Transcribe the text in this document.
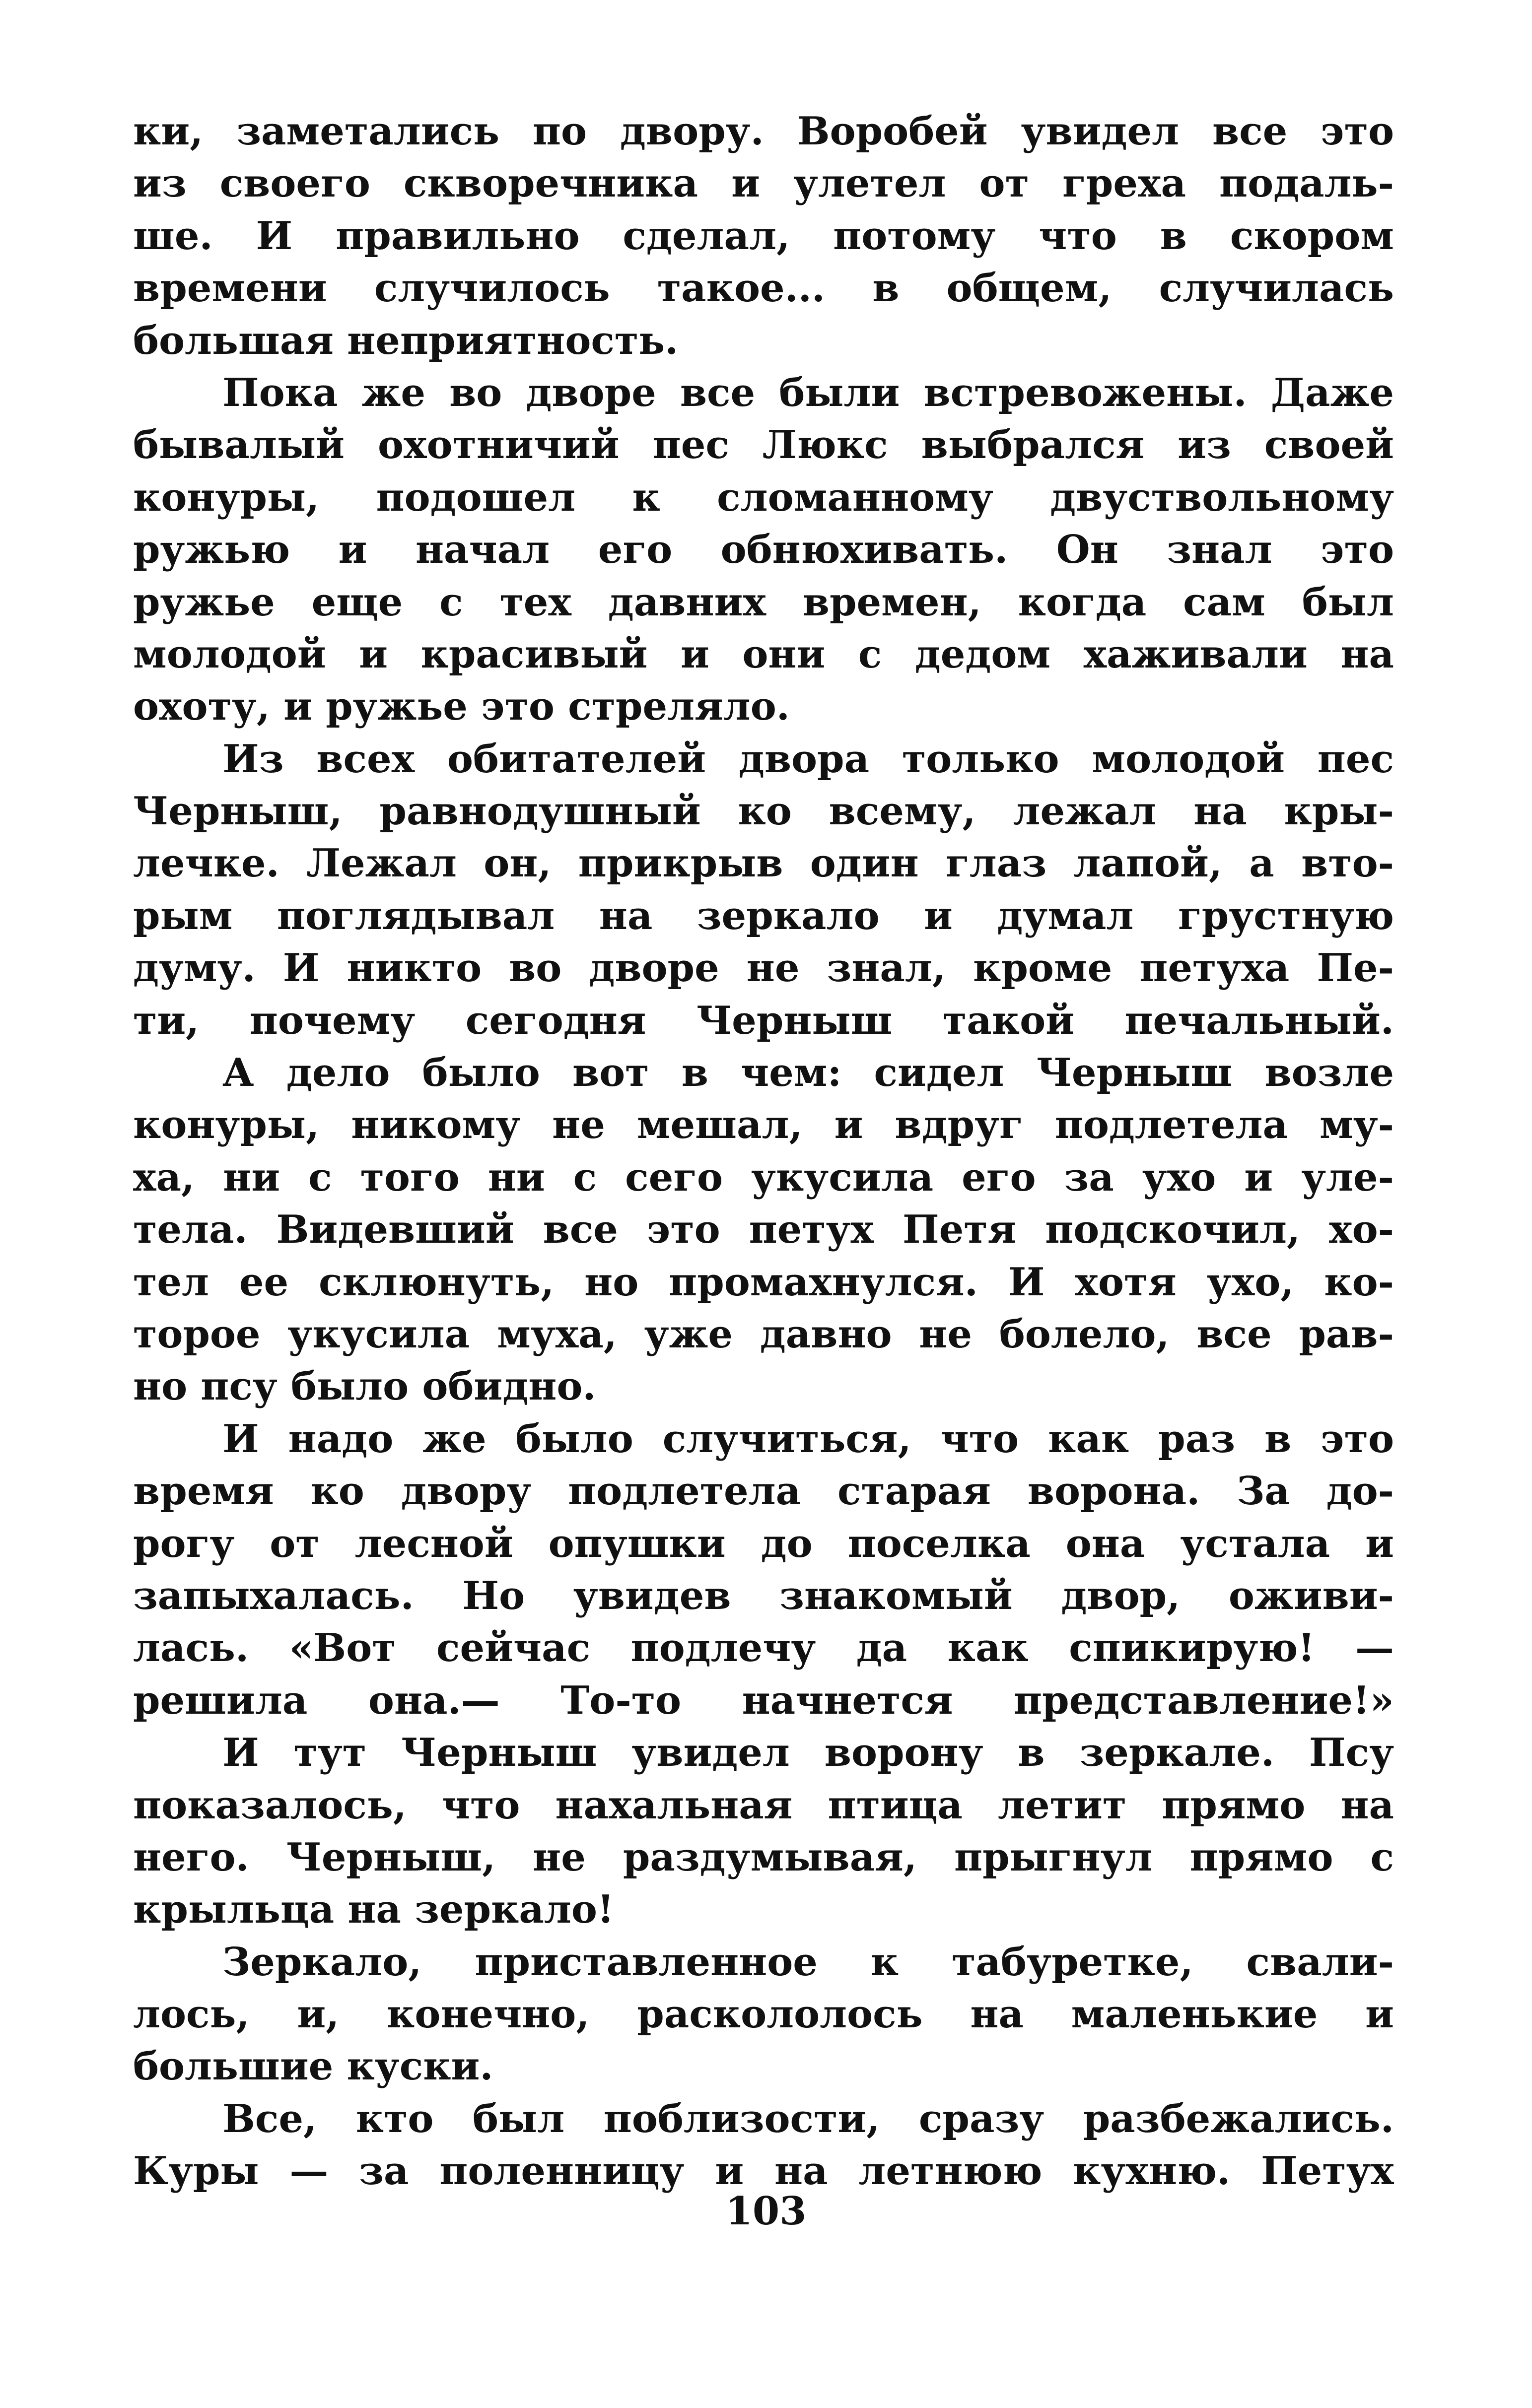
ки, заметались по двору. Воробей увидел все это
из своего скворечника и улетел от греха подаль-
ше. И правильно сделал, потому что в скором
времени случилось такое... в общем, случилась
большая неприятность.
Пока же во дворе все были встревожены. Даже
бывалый охотничий пес Люкс выбрался из своей
конуры, подошел к сломанному двуствольному
ружью и начал его обнюхивать. Он знал это
ружье еще с тех давних времен, когда сам был
молодой и красивый и они с дедом хаживали на
охоту, и ружье это стреляло.
Из всех обитателей двора только молодой пес
Черныш, равнодушный ко всему, лежал на кры-
лечке. Лежал он, прикрыв один глаз лапой, а вто-
рым поглядывал на зеркало и думал грустную
думу. И никто во дворе не знал, кроме петуха Пе-
ти, почему сегодня Черныш такой печальный.
А дело было вот в чем: сидел Черныш возле
конуры, никому не мешал, и вдруг подлетела му-
ха, ни с того ни с сего укусила его за ухо и уле-
тела. Видевший все это петух Петя подскочил, хо-
тел ее склюнуть, но промахнулся. И хотя ухо, ко-
торое укусила муха, уже давно не болело, все рав-
но псу было обидно.
И надо же было случиться, что как раз в это
время ко двору подлетела старая ворона. За до-
рогу от лесной опушки до поселка она устала и
запыхалась. Но увидев знакомый двор, оживи-
лась. «Вот сейчас подлечу да как спикирую! —
решила она.— То-то начнется представление!»
И тут Черныш увидел ворону в зеркале. Псу
показалось, что нахальная птица летит прямо на
него. Черныш, не раздумывая, прыгнул прямо с
крыльца на зеркало!
Зеркало, приставленное к табуретке, свали-
лось, и, конечно, раскололось на маленькие и
большие куски.
Все, кто был поблизости, сразу разбежались.
Куры — за поленницу и на летнюю кухню. Петух
103
